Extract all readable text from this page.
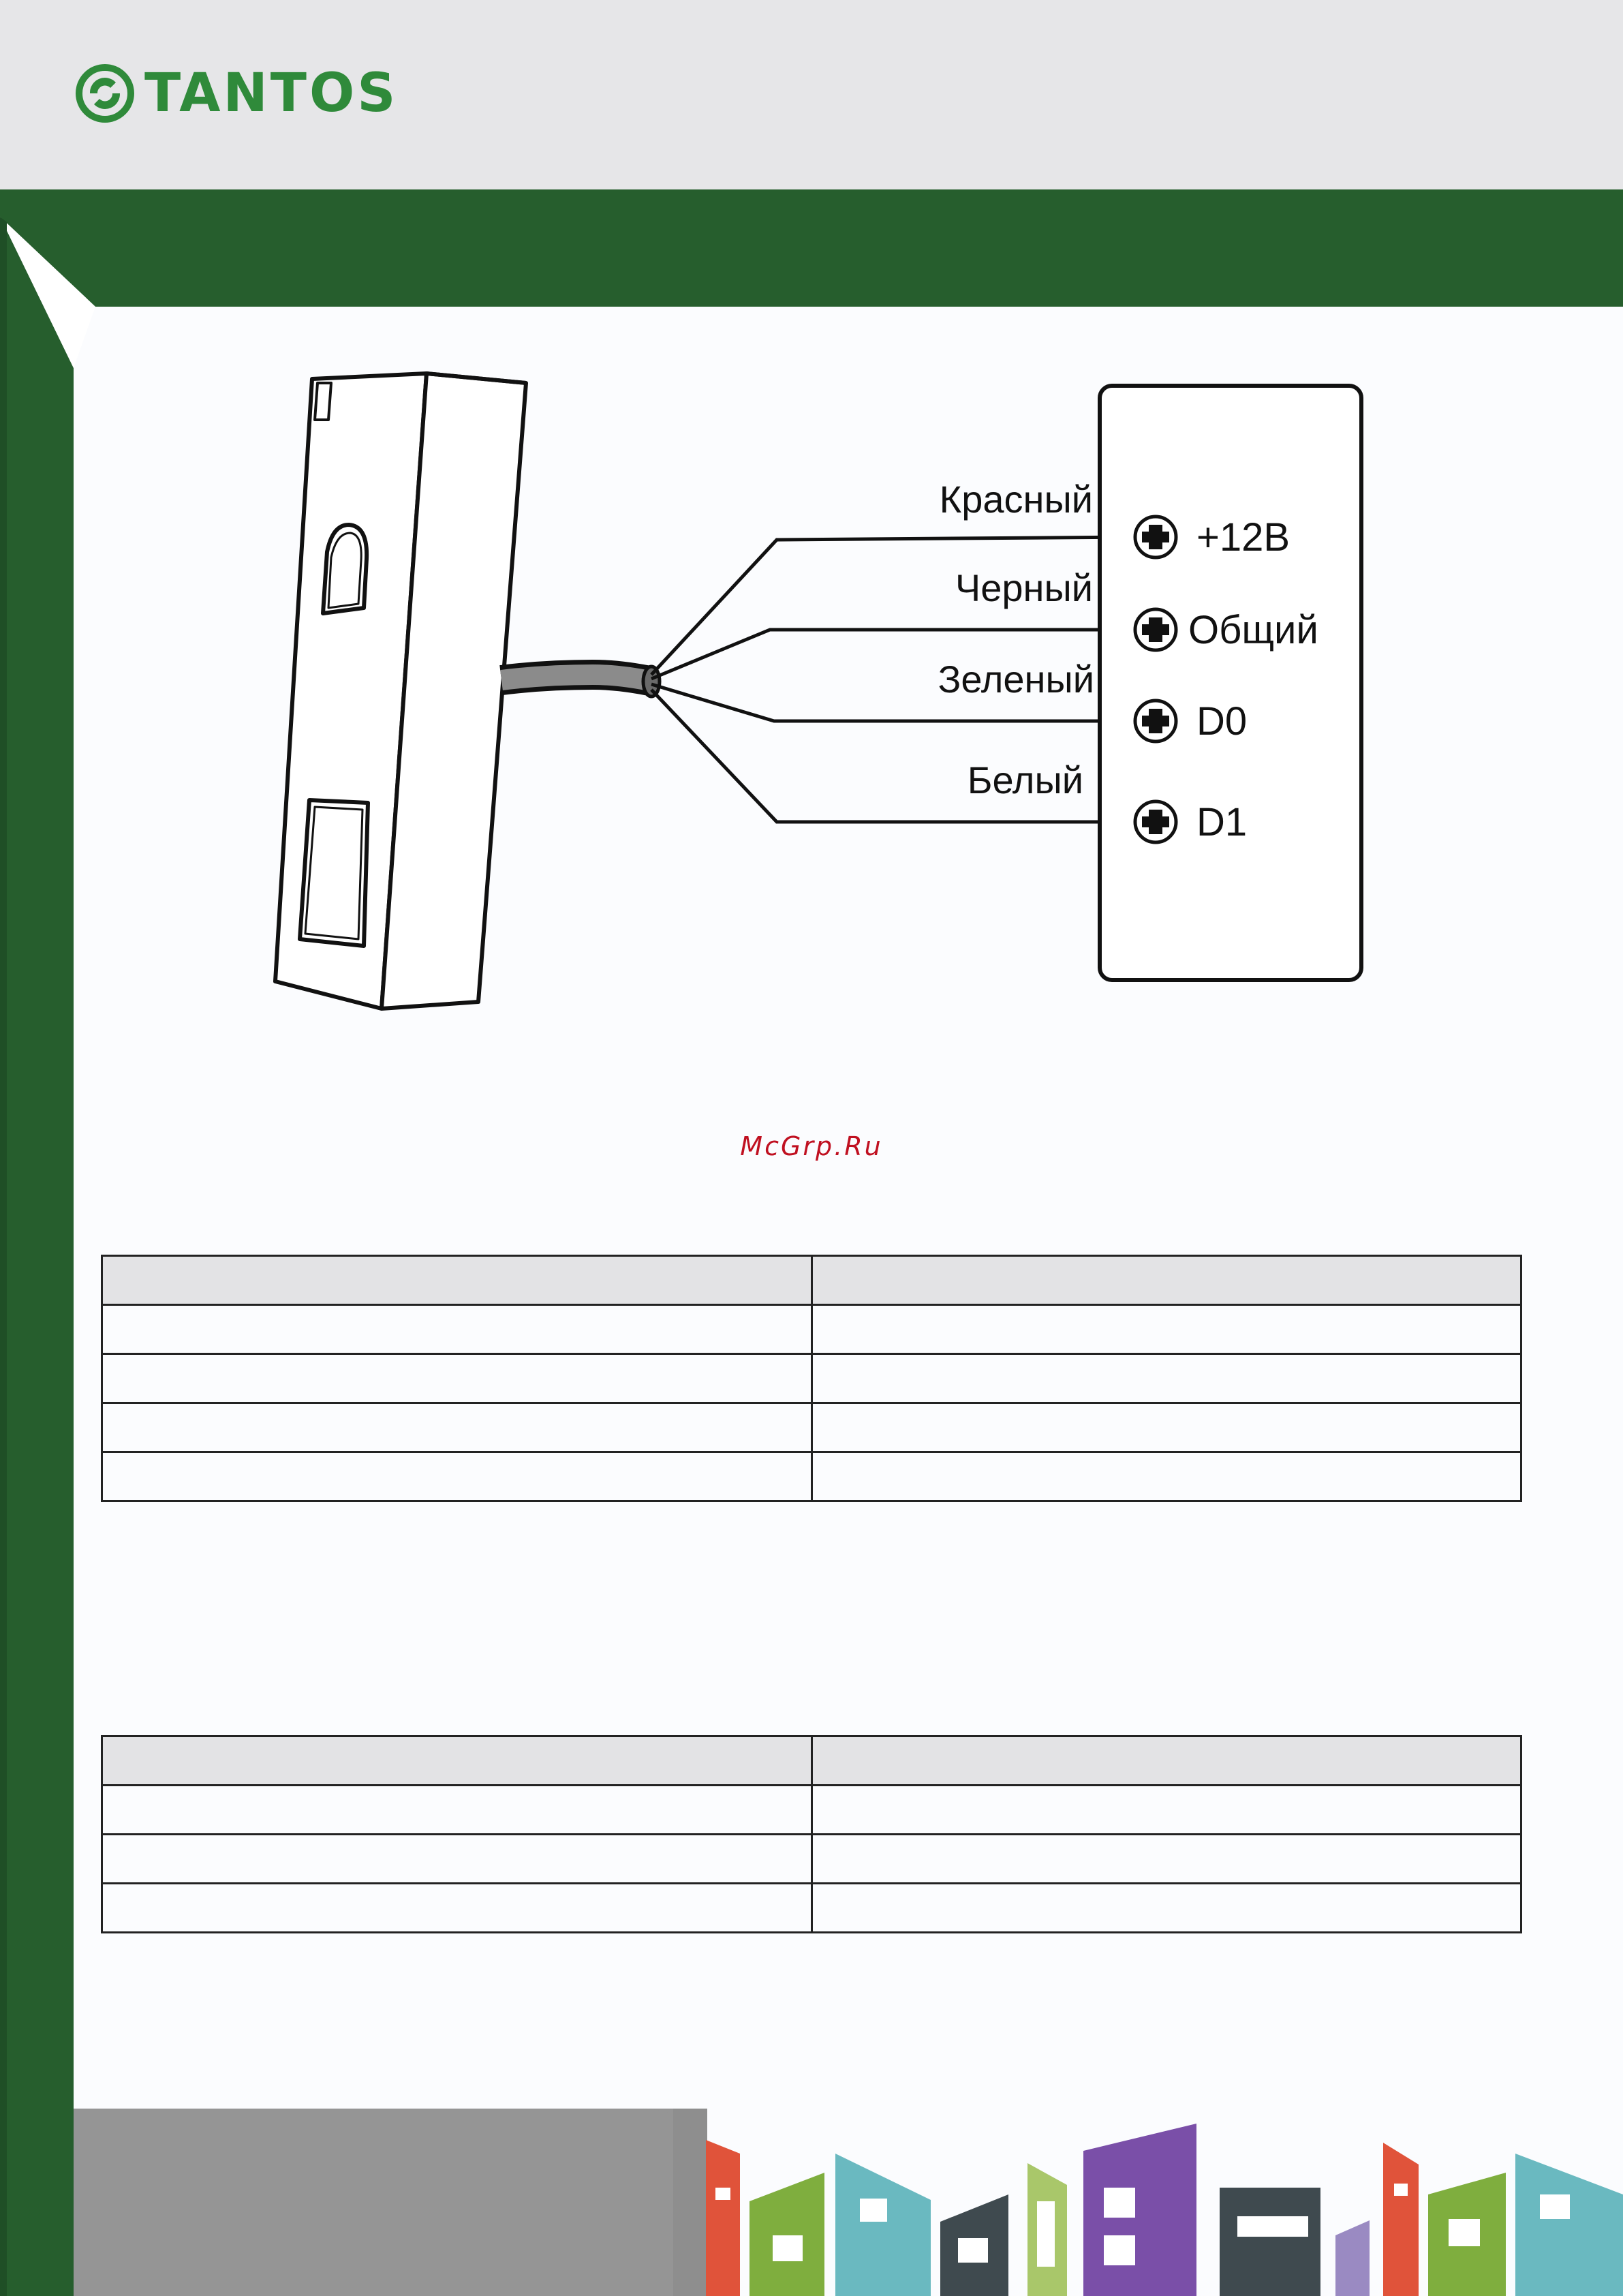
TANTOS
Красный
Черный
Зеленый
Белый
+12В
Общий
D0
D1
McGrp.Ru
